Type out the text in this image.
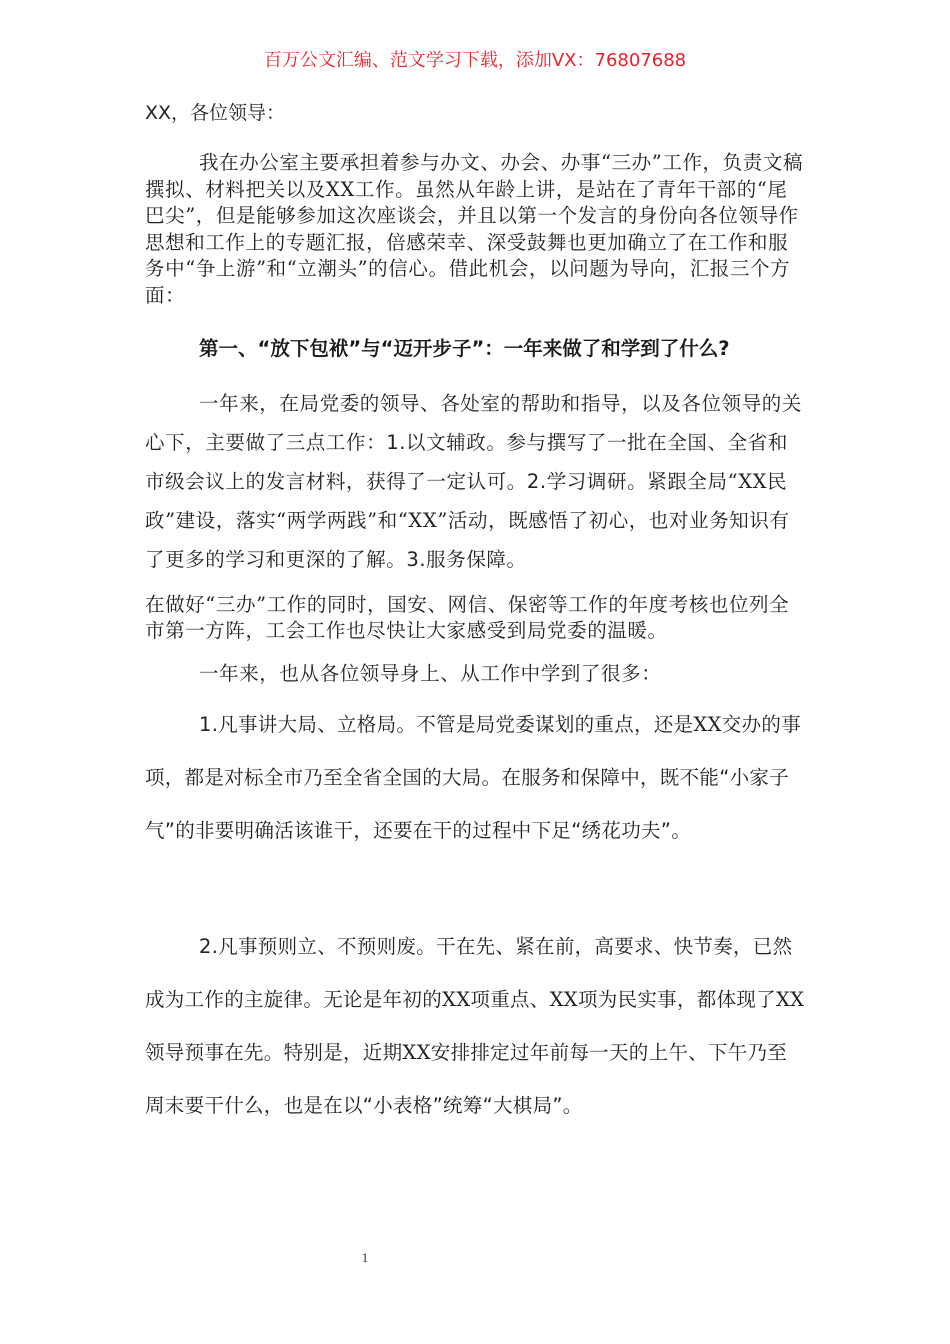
百万公文汇编、范文学习下载，添加VX：76807688
XX，各位领导：

我在办公室主要承担着参与办文、办会、办事“三办”工作，负责文稿撰拟、材料把关以及XX工作。虽然从年龄上讲，是站在了青年干部的“尾巴尖”，但是能够参加这次座谈会，并且以第一个发言的身份向各位领导作思想和工作上的专题汇报，倍感荣幸、深受鼓舞也更加确立了在工作和服务中“争上游”和“立潮头”的信心。借此机会，以问题为导向，汇报三个方面：

第一、“放下包袱”与“迈开步子”：一年来做了和学到了什么?

一年来，在局党委的领导、各处室的帮助和指导，以及各位领导的关心下，主要做了三点工作：1.以文辅政。参与撰写了一批在全国、全省和市级会议上的发言材料，获得了一定认可。2.学习调研。紧跟全局“XX民政”建设，落实“两学两践”和“XX”活动，既感悟了初心，也对业务知识有了更多的学习和更深的了解。3.服务保障。

在做好“三办”工作的同时，国安、网信、保密等工作的年度考核也位列全市第一方阵，工会工作也尽快让大家感受到局党委的温暖。

一年来，也从各位领导身上、从工作中学到了很多：

1.凡事讲大局、立格局。不管是局党委谋划的重点，还是XX交办的事项，都是对标全市乃至全省全国的大局。在服务和保障中，既不能“小家子气”的非要明确活该谁干，还要在干的过程中下足“绣花功夫”。

2.凡事预则立、不预则废。干在先、紧在前，高要求、快节奏，已然成为工作的主旋律。无论是年初的XX项重点、XX项为民实事，都体现了XX领导预事在先。特别是，近期XX安排排定过年前每一天的上午、下午乃至周末要干什么，也是在以“小表格”统筹“大棋局”。

1
